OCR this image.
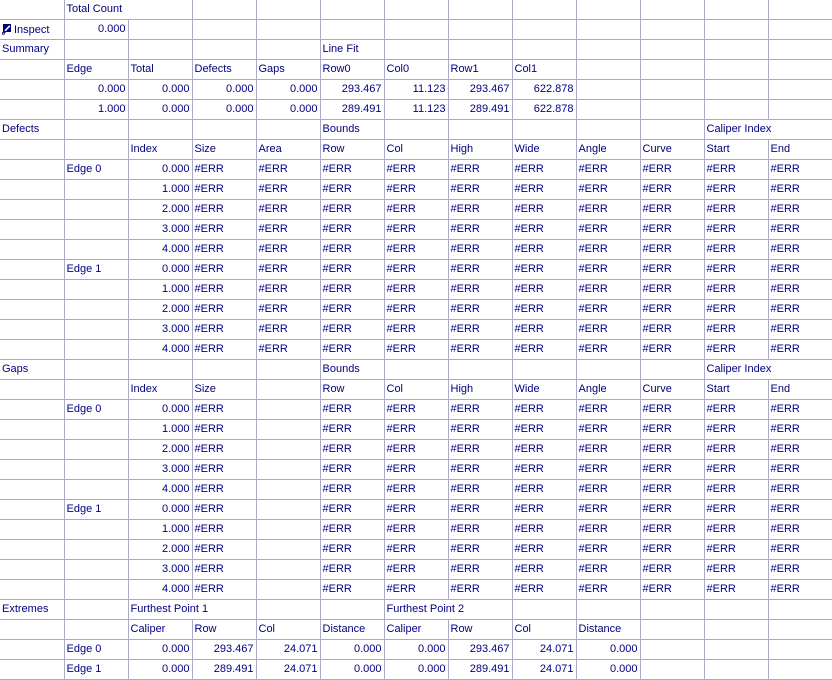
	Total Count											
Inspect	0.000											
Summary					Line Fit							
	Edge	Total	Defects	Gaps	Row0	Col0	Row1	Col1				
	0.000	0.000	0.000	0.000	293.467	11.123	293.467	622.878				
	1.000	0.000	0.000	0.000	289.491	11.123	289.491	622.878				
Defects					Bounds						Caliper Index	
		Index	Size	Area	Row	Col	High	Wide	Angle	Curve	Start	End
	Edge 0	0.000	#ERR	#ERR	#ERR	#ERR	#ERR	#ERR	#ERR	#ERR	#ERR	#ERR
		1.000	#ERR	#ERR	#ERR	#ERR	#ERR	#ERR	#ERR	#ERR	#ERR	#ERR
		2.000	#ERR	#ERR	#ERR	#ERR	#ERR	#ERR	#ERR	#ERR	#ERR	#ERR
		3.000	#ERR	#ERR	#ERR	#ERR	#ERR	#ERR	#ERR	#ERR	#ERR	#ERR
		4.000	#ERR	#ERR	#ERR	#ERR	#ERR	#ERR	#ERR	#ERR	#ERR	#ERR
	Edge 1	0.000	#ERR	#ERR	#ERR	#ERR	#ERR	#ERR	#ERR	#ERR	#ERR	#ERR
		1.000	#ERR	#ERR	#ERR	#ERR	#ERR	#ERR	#ERR	#ERR	#ERR	#ERR
		2.000	#ERR	#ERR	#ERR	#ERR	#ERR	#ERR	#ERR	#ERR	#ERR	#ERR
		3.000	#ERR	#ERR	#ERR	#ERR	#ERR	#ERR	#ERR	#ERR	#ERR	#ERR
		4.000	#ERR	#ERR	#ERR	#ERR	#ERR	#ERR	#ERR	#ERR	#ERR	#ERR
Gaps					Bounds						Caliper Index	
		Index	Size		Row	Col	High	Wide	Angle	Curve	Start	End
	Edge 0	0.000	#ERR		#ERR	#ERR	#ERR	#ERR	#ERR	#ERR	#ERR	#ERR
		1.000	#ERR		#ERR	#ERR	#ERR	#ERR	#ERR	#ERR	#ERR	#ERR
		2.000	#ERR		#ERR	#ERR	#ERR	#ERR	#ERR	#ERR	#ERR	#ERR
		3.000	#ERR		#ERR	#ERR	#ERR	#ERR	#ERR	#ERR	#ERR	#ERR
		4.000	#ERR		#ERR	#ERR	#ERR	#ERR	#ERR	#ERR	#ERR	#ERR
	Edge 1	0.000	#ERR		#ERR	#ERR	#ERR	#ERR	#ERR	#ERR	#ERR	#ERR
		1.000	#ERR		#ERR	#ERR	#ERR	#ERR	#ERR	#ERR	#ERR	#ERR
		2.000	#ERR		#ERR	#ERR	#ERR	#ERR	#ERR	#ERR	#ERR	#ERR
		3.000	#ERR		#ERR	#ERR	#ERR	#ERR	#ERR	#ERR	#ERR	#ERR
		4.000	#ERR		#ERR	#ERR	#ERR	#ERR	#ERR	#ERR	#ERR	#ERR
Extremes		Furthest Point 1				Furthest Point 2						
		Caliper	Row	Col	Distance	Caliper	Row	Col	Distance			
	Edge 0	0.000	293.467	24.071	0.000	0.000	293.467	24.071	0.000			
	Edge 1	0.000	289.491	24.071	0.000	0.000	289.491	24.071	0.000			
